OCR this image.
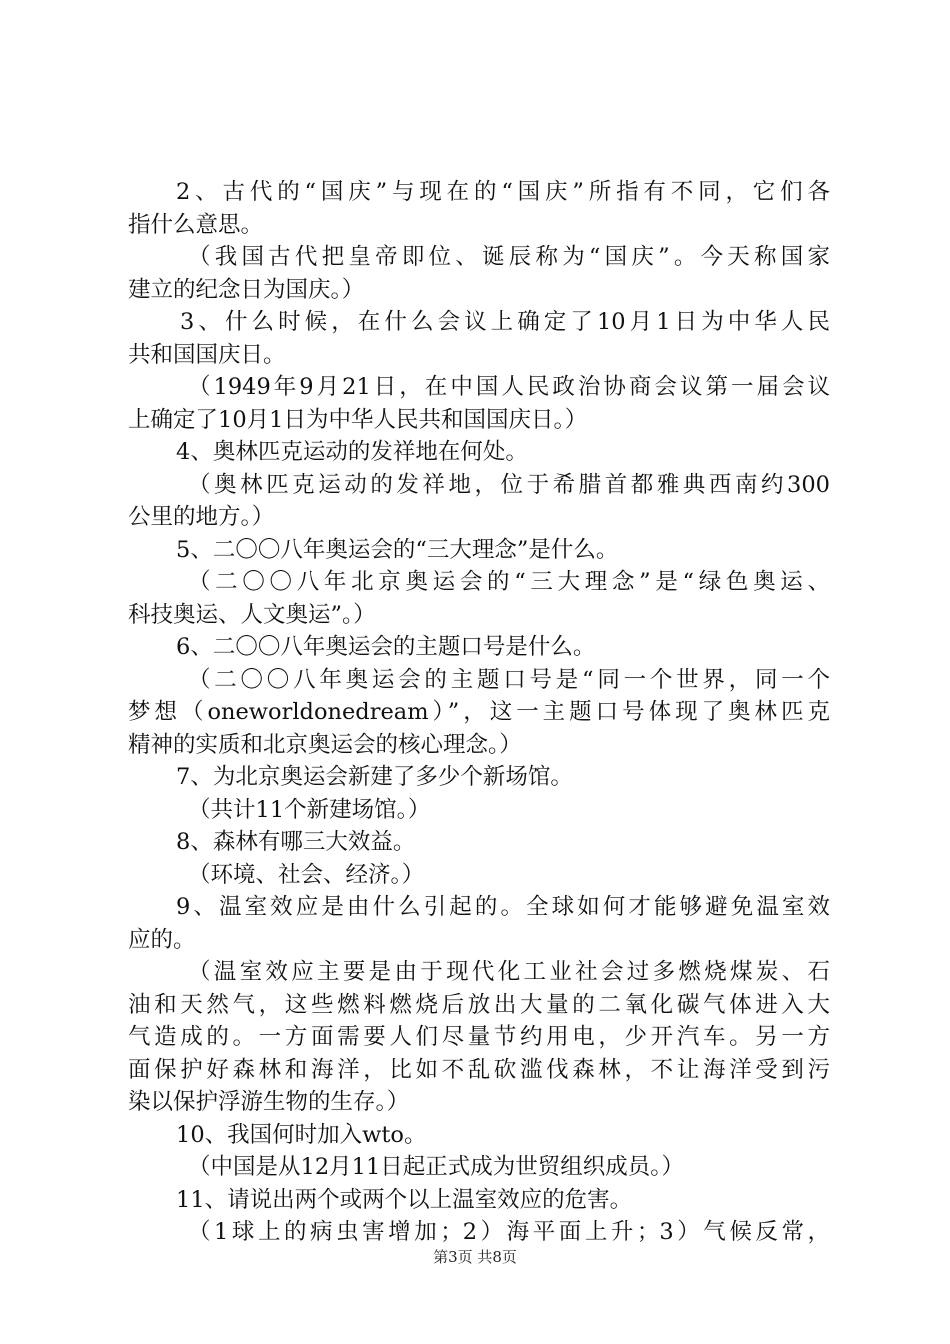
2、古代的“国庆”与现在的“国庆”所指有不同，它们各
指什么意思。
（我国古代把皇帝即位、诞辰称为“国庆”。今天称国家
建立的纪念日为国庆。）
3、什么时候，在什么会议上确定了10月1日为中华人民
共和国国庆日。
（1949年9月21日，在中国人民政治协商会议第一届会议
上确定了10月1日为中华人民共和国国庆日。）
4、奥林匹克运动的发祥地在何处。
（奥林匹克运动的发祥地，位于希腊首都雅典西南约300
公里的地方。）
5、二〇〇八年奥运会的“三大理念”是什么。
（二〇〇八年北京奥运会的“三大理念”是“绿色奥运、
科技奥运、人文奥运”。）
6、二〇〇八年奥运会的主题口号是什么。
（二〇〇八年奥运会的主题口号是“同一个世界，同一个
梦想（oneworldonedream）”，这一主题口号体现了奥林匹克
精神的实质和北京奥运会的核心理念。）
7、为北京奥运会新建了多少个新场馆。
（共计11个新建场馆。）
8、森林有哪三大效益。
（环境、社会、经济。）
9、温室效应是由什么引起的。全球如何才能够避免温室效
应的。
（温室效应主要是由于现代化工业社会过多燃烧煤炭、石
油和天然气，这些燃料燃烧后放出大量的二氧化碳气体进入大
气造成的。一方面需要人们尽量节约用电，少开汽车。另一方
面保护好森林和海洋，比如不乱砍滥伐森林，不让海洋受到污
染以保护浮游生物的生存。）
10、我国何时加入wto。
（中国是从12月11日起正式成为世贸组织成员。）
11、请说出两个或两个以上温室效应的危害。
（1球上的病虫害增加；2）海平面上升；3）气候反常，
第3页 共8页
